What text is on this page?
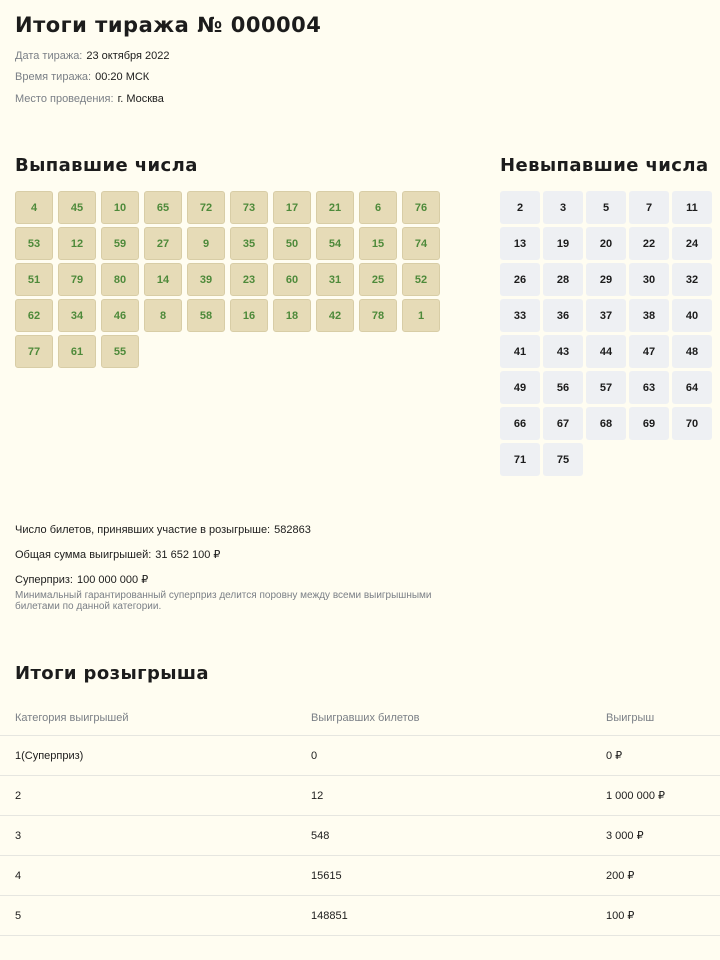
Итоги тиража № 000004
Дата тиража: 23 октября 2022
Время тиража: 00:20 МСК
Место проведения: г. Москва
Выпавшие числа
4	45	10	65	72	73	17	21	6	76
53	12	59	27	9	35	50	54	15	74
51	79	80	14	39	23	60	31	25	52
62	34	46	8	58	16	18	42	78	1
77	61	55
Невыпавшие числа
2	3	5	7	11
13	19	20	22	24
26	28	29	30	32
33	36	37	38	40
41	43	44	47	48
49	56	57	63	64
66	67	68	69	70
71	75
Число билетов, принявших участие в розыгрыше: 582863
Общая сумма выигрышей: 31 652 100 ₽
Суперприз: 100 000 000 ₽

Минимальный гарантированный суперприз делится поровну между всеми выигрышными билетами по данной категории.

Итоги розыгрыша
Категория выигрышей	Выигравших билетов	Выигрыш
1(Суперприз)	0	0 ₽
2	12	1 000 000 ₽
3	548	3 000 ₽
4	15615	200 ₽
5	148851	100 ₽
